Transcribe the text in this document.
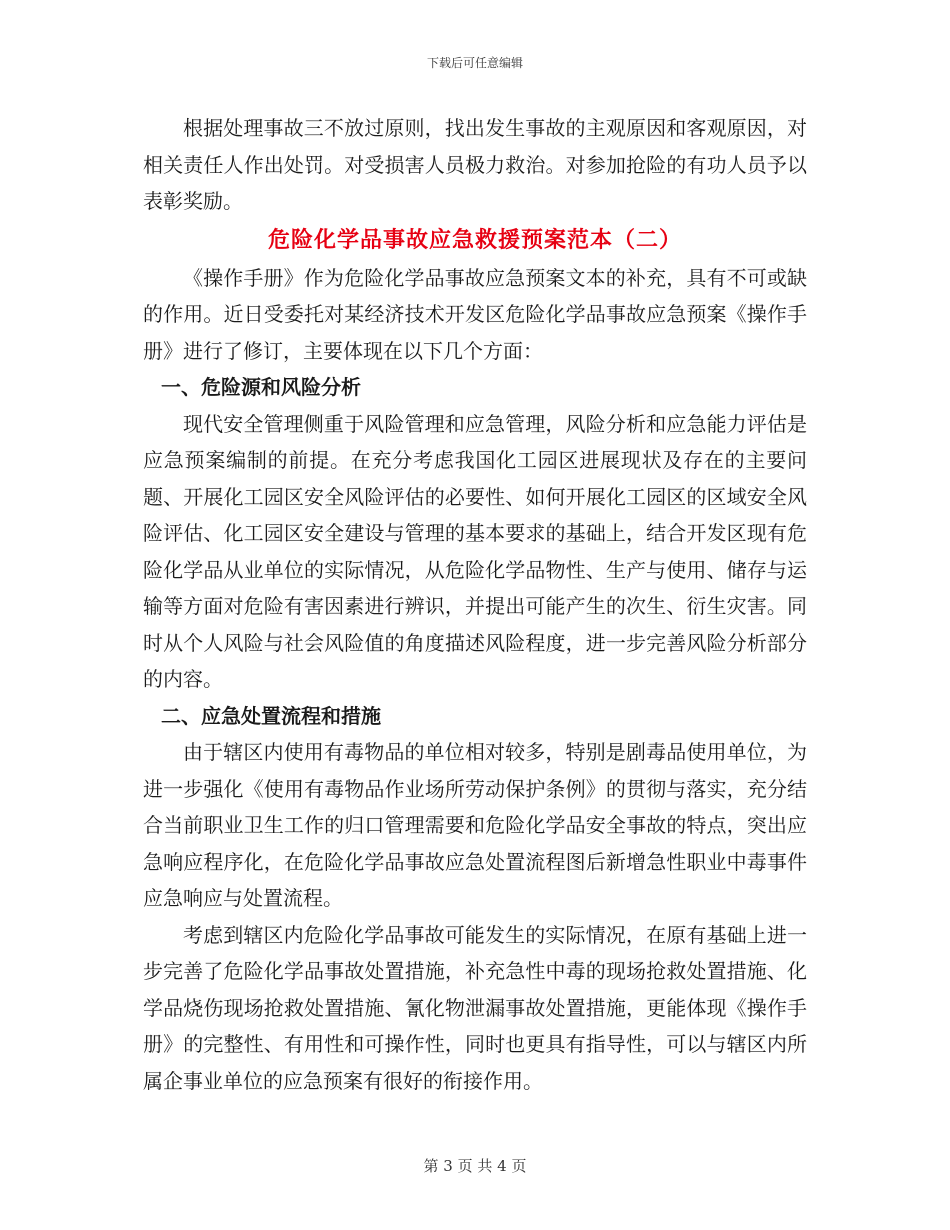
下载后可任意编辑

根据处理事故三不放过原则，找出发生事故的主观原因和客观原因，对相关责任人作出处罚。对受损害人员极力救治。对参加抢险的有功人员予以表彰奖励。

危险化学品事故应急救援预案范本（二）

《操作手册》作为危险化学品事故应急预案文本的补充，具有不可或缺的作用。近日受委托对某经济技术开发区危险化学品事故应急预案《操作手册》进行了修订，主要体现在以下几个方面：

一、危险源和风险分析

现代安全管理侧重于风险管理和应急管理，风险分析和应急能力评估是应急预案编制的前提。在充分考虑我国化工园区进展现状及存在的主要问题、开展化工园区安全风险评估的必要性、如何开展化工园区的区域安全风险评估、化工园区安全建设与管理的基本要求的基础上，结合开发区现有危险化学品从业单位的实际情况，从危险化学品物性、生产与使用、储存与运输等方面对危险有害因素进行辨识，并提出可能产生的次生、衍生灾害。同时从个人风险与社会风险值的角度描述风险程度，进一步完善风险分析部分的内容。

二、应急处置流程和措施

由于辖区内使用有毒物品的单位相对较多，特别是剧毒品使用单位，为进一步强化《使用有毒物品作业场所劳动保护条例》的贯彻与落实，充分结合当前职业卫生工作的归口管理需要和危险化学品安全事故的特点，突出应急响应程序化，在危险化学品事故应急处置流程图后新增急性职业中毒事件应急响应与处置流程。

考虑到辖区内危险化学品事故可能发生的实际情况，在原有基础上进一步完善了危险化学品事故处置措施，补充急性中毒的现场抢救处置措施、化学品烧伤现场抢救处置措施、氰化物泄漏事故处置措施，更能体现《操作手册》的完整性、有用性和可操作性，同时也更具有指导性，可以与辖区内所属企事业单位的应急预案有很好的衔接作用。

第 3 页 共 4 页
